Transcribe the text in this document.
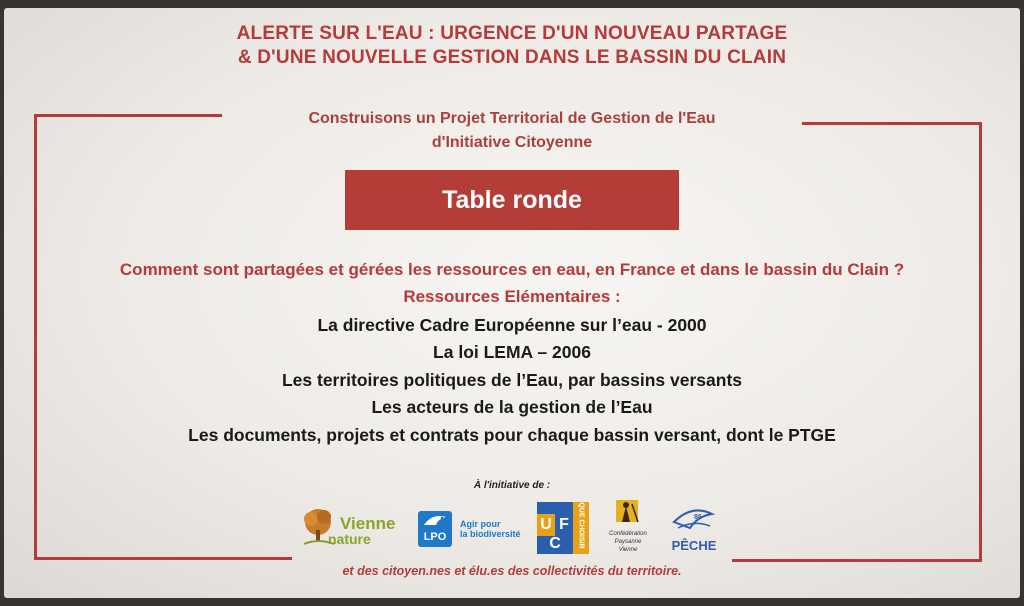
ALERTE SUR L'EAU : URGENCE D'UN NOUVEAU PARTAGE
& D'UNE NOUVELLE GESTION DANS LE BASSIN DU CLAIN
Construisons un Projet Territorial de Gestion de l'Eau
d'Initiative Citoyenne
Table ronde
Comment sont partagées et gérées les ressources en eau, en France et dans le bassin du Clain ?
Ressources Elémentaires :
La directive Cadre Européenne sur l’eau - 2000
La loi LEMA – 2006
Les territoires politiques de l’Eau, par bassins versants
Les acteurs de la gestion de l’Eau
Les documents, projets et contrats pour chaque bassin versant, dont le PTGE
À l'initiative de :
Vienne
nature	LPO
Agir pour
la biodiversité
U F
C	QUE CHOISIR	Confédération
Paysanne
Vienne
86
PÊCHE
et des citoyen.nes et élu.es des collectivités du territoire.
